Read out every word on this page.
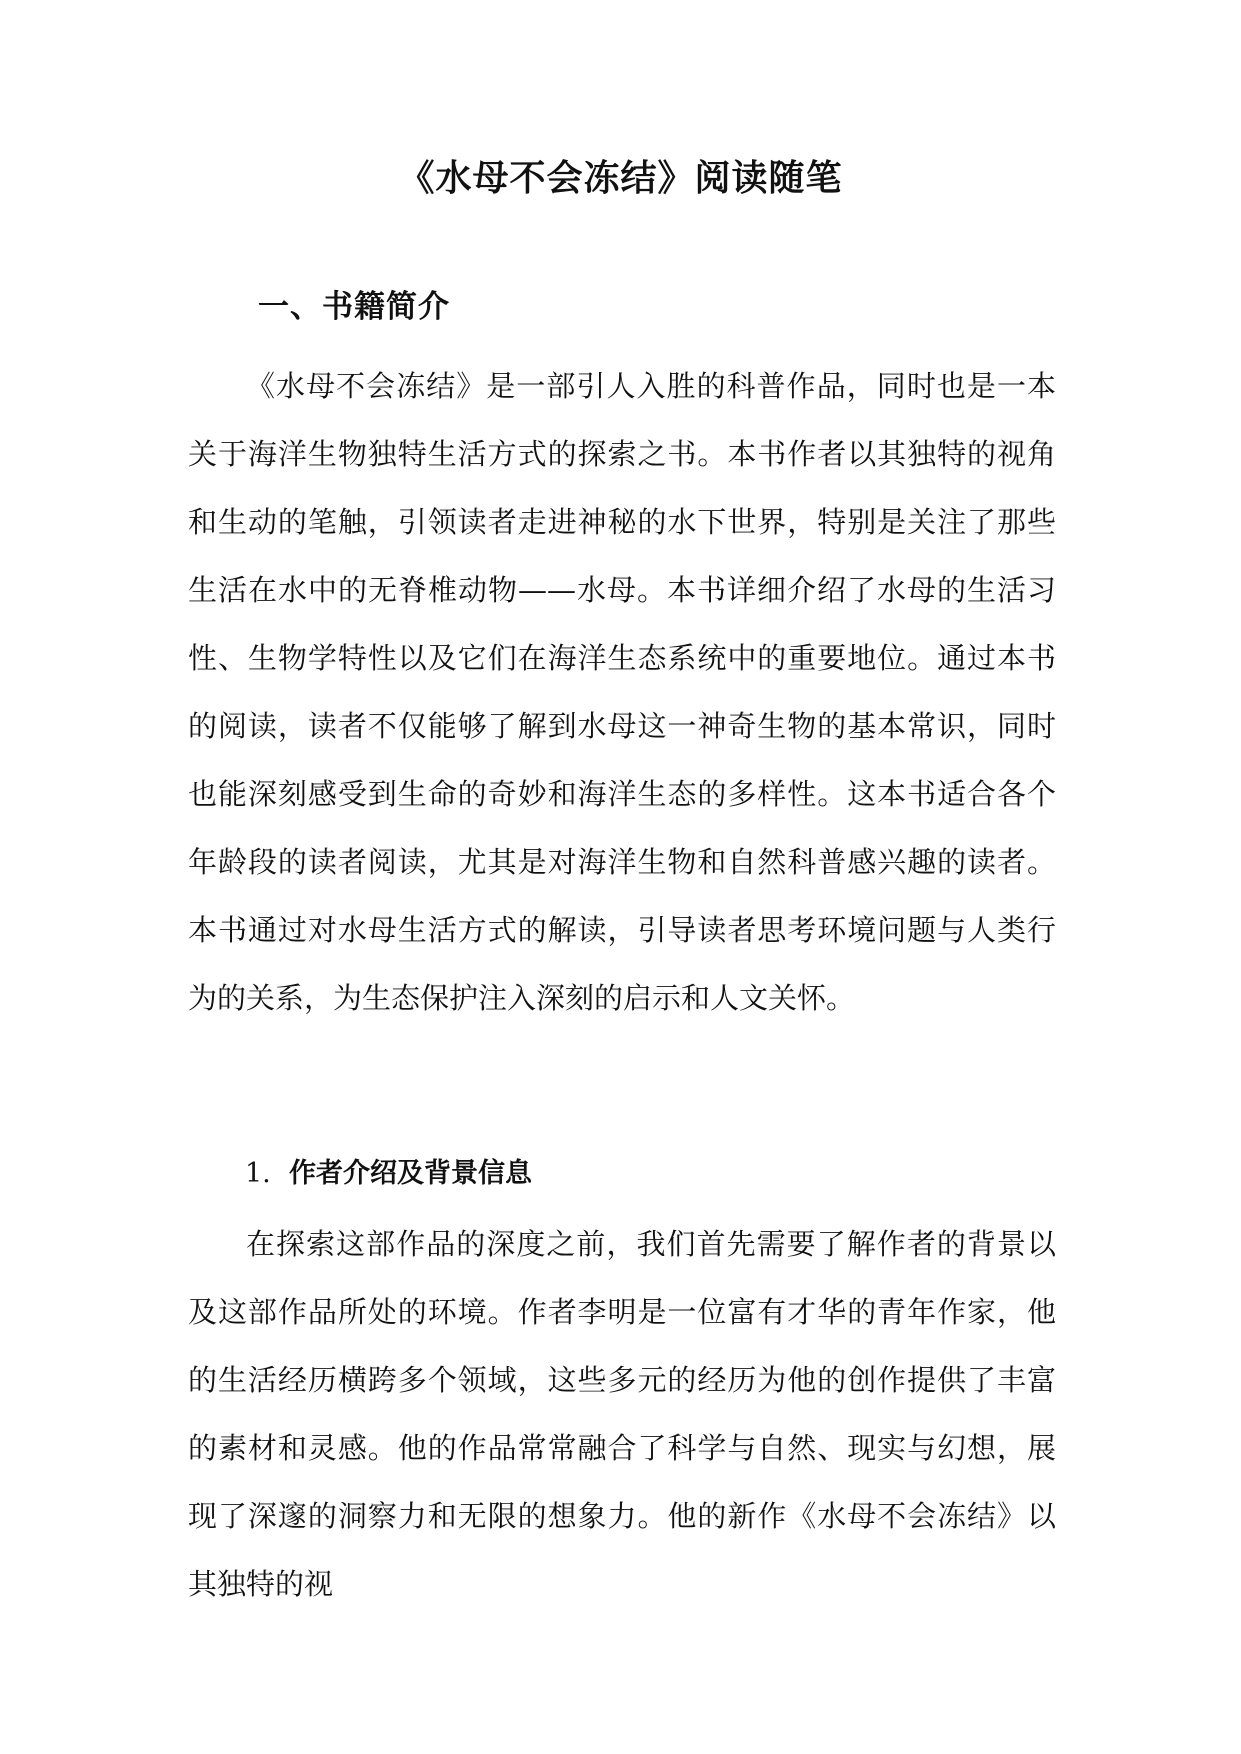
《水母不会冻结》阅读随笔
一、书籍简介

《水母不会冻结》是一部引人入胜的科普作品，同时也是一本关于海洋生物独特生活方式的探索之书。本书作者以其独特的视角和生动的笔触，引领读者走进神秘的水下世界，特别是关注了那些生活在水中的无脊椎动物——水母。本书详细介绍了水母的生活习性、生物学特性以及它们在海洋生态系统中的重要地位。通过本书的阅读，读者不仅能够了解到水母这一神奇生物的基本常识，同时也能深刻感受到生命的奇妙和海洋生态的多样性。这本书适合各个年龄段的读者阅读，尤其是对海洋生物和自然科普感兴趣的读者。本书通过对水母生活方式的解读，引导读者思考环境问题与人类行为的关系，为生态保护注入深刻的启示和人文关怀。

1. 作者介绍及背景信息

在探索这部作品的深度之前，我们首先需要了解作者的背景以及这部作品所处的环境。作者李明是一位富有才华的青年作家，他的生活经历横跨多个领域，这些多元的经历为他的创作提供了丰富的素材和灵感。他的作品常常融合了科学与自然、现实与幻想，展现了深邃的洞察力和无限的想象力。他的新作《水母不会冻结》以其独特的视
